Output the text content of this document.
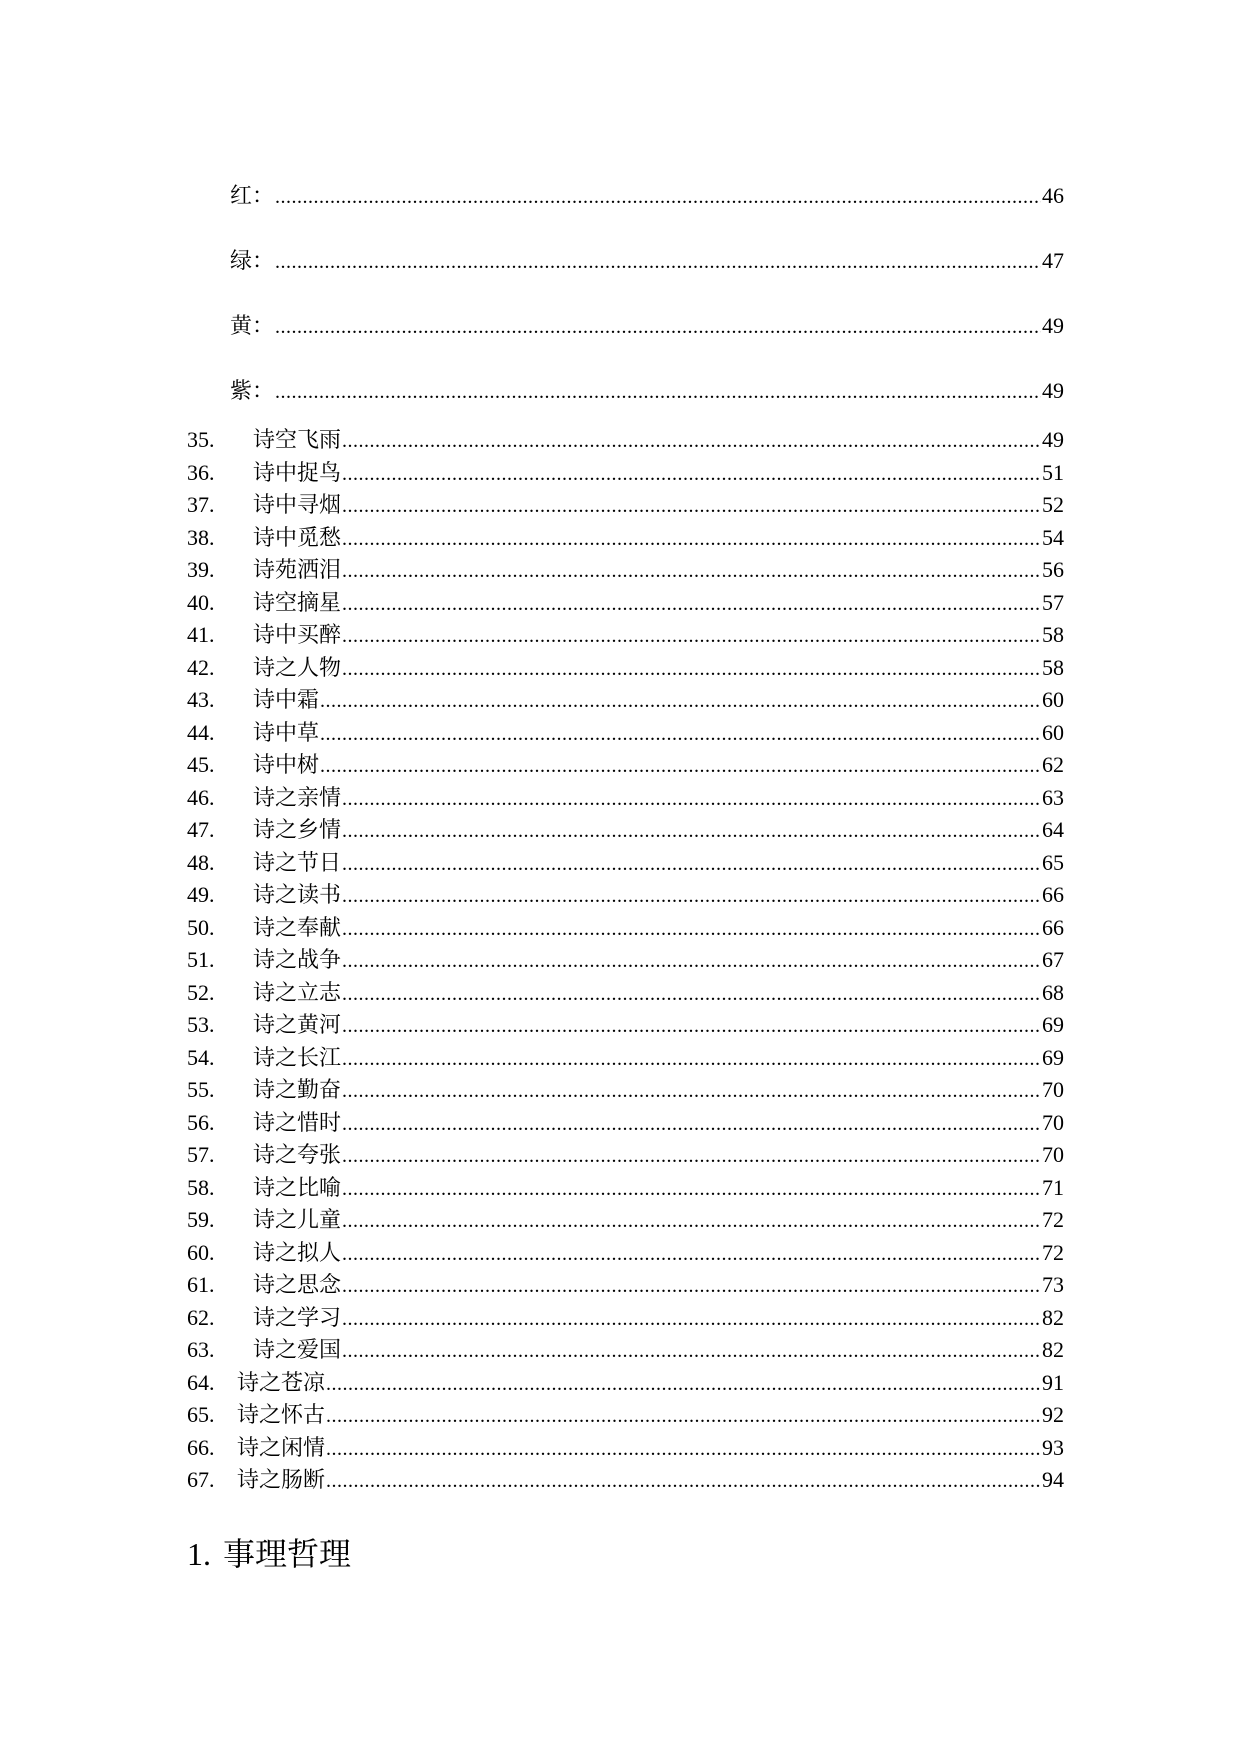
红： .....	46
绿： .....	47
黄： .....	49
紫： .....	49
35. 诗空飞雨 .....	49
36. 诗中捉鸟 .....	51
37. 诗中寻烟 .....	52
38. 诗中觅愁 .....	54
39. 诗苑洒泪 .....	56
40. 诗空摘星 .....	57
41. 诗中买醉 .....	58
42. 诗之人物 .....	58
43. 诗中霜 .....	60
44. 诗中草 .....	60
45. 诗中树 .....	62
46. 诗之亲情 .....	63
47. 诗之乡情 .....	64
48. 诗之节日 .....	65
49. 诗之读书 .....	66
50. 诗之奉献 .....	66
51. 诗之战争 .....	67
52. 诗之立志 .....	68
53. 诗之黄河 .....	69
54. 诗之长江 .....	69
55. 诗之勤奋 .....	70
56. 诗之惜时 .....	70
57. 诗之夸张 .....	70
58. 诗之比喻 .....	71
59. 诗之儿童 .....	72
60. 诗之拟人 .....	72
61. 诗之思念 .....	73
62. 诗之学习 .....	82
63. 诗之爱国 .....	82
64. 诗之苍凉 .....	91
65. 诗之怀古 .....	92
66. 诗之闲情 .....	93
67. 诗之肠断 .....	94
1. 事理哲理
